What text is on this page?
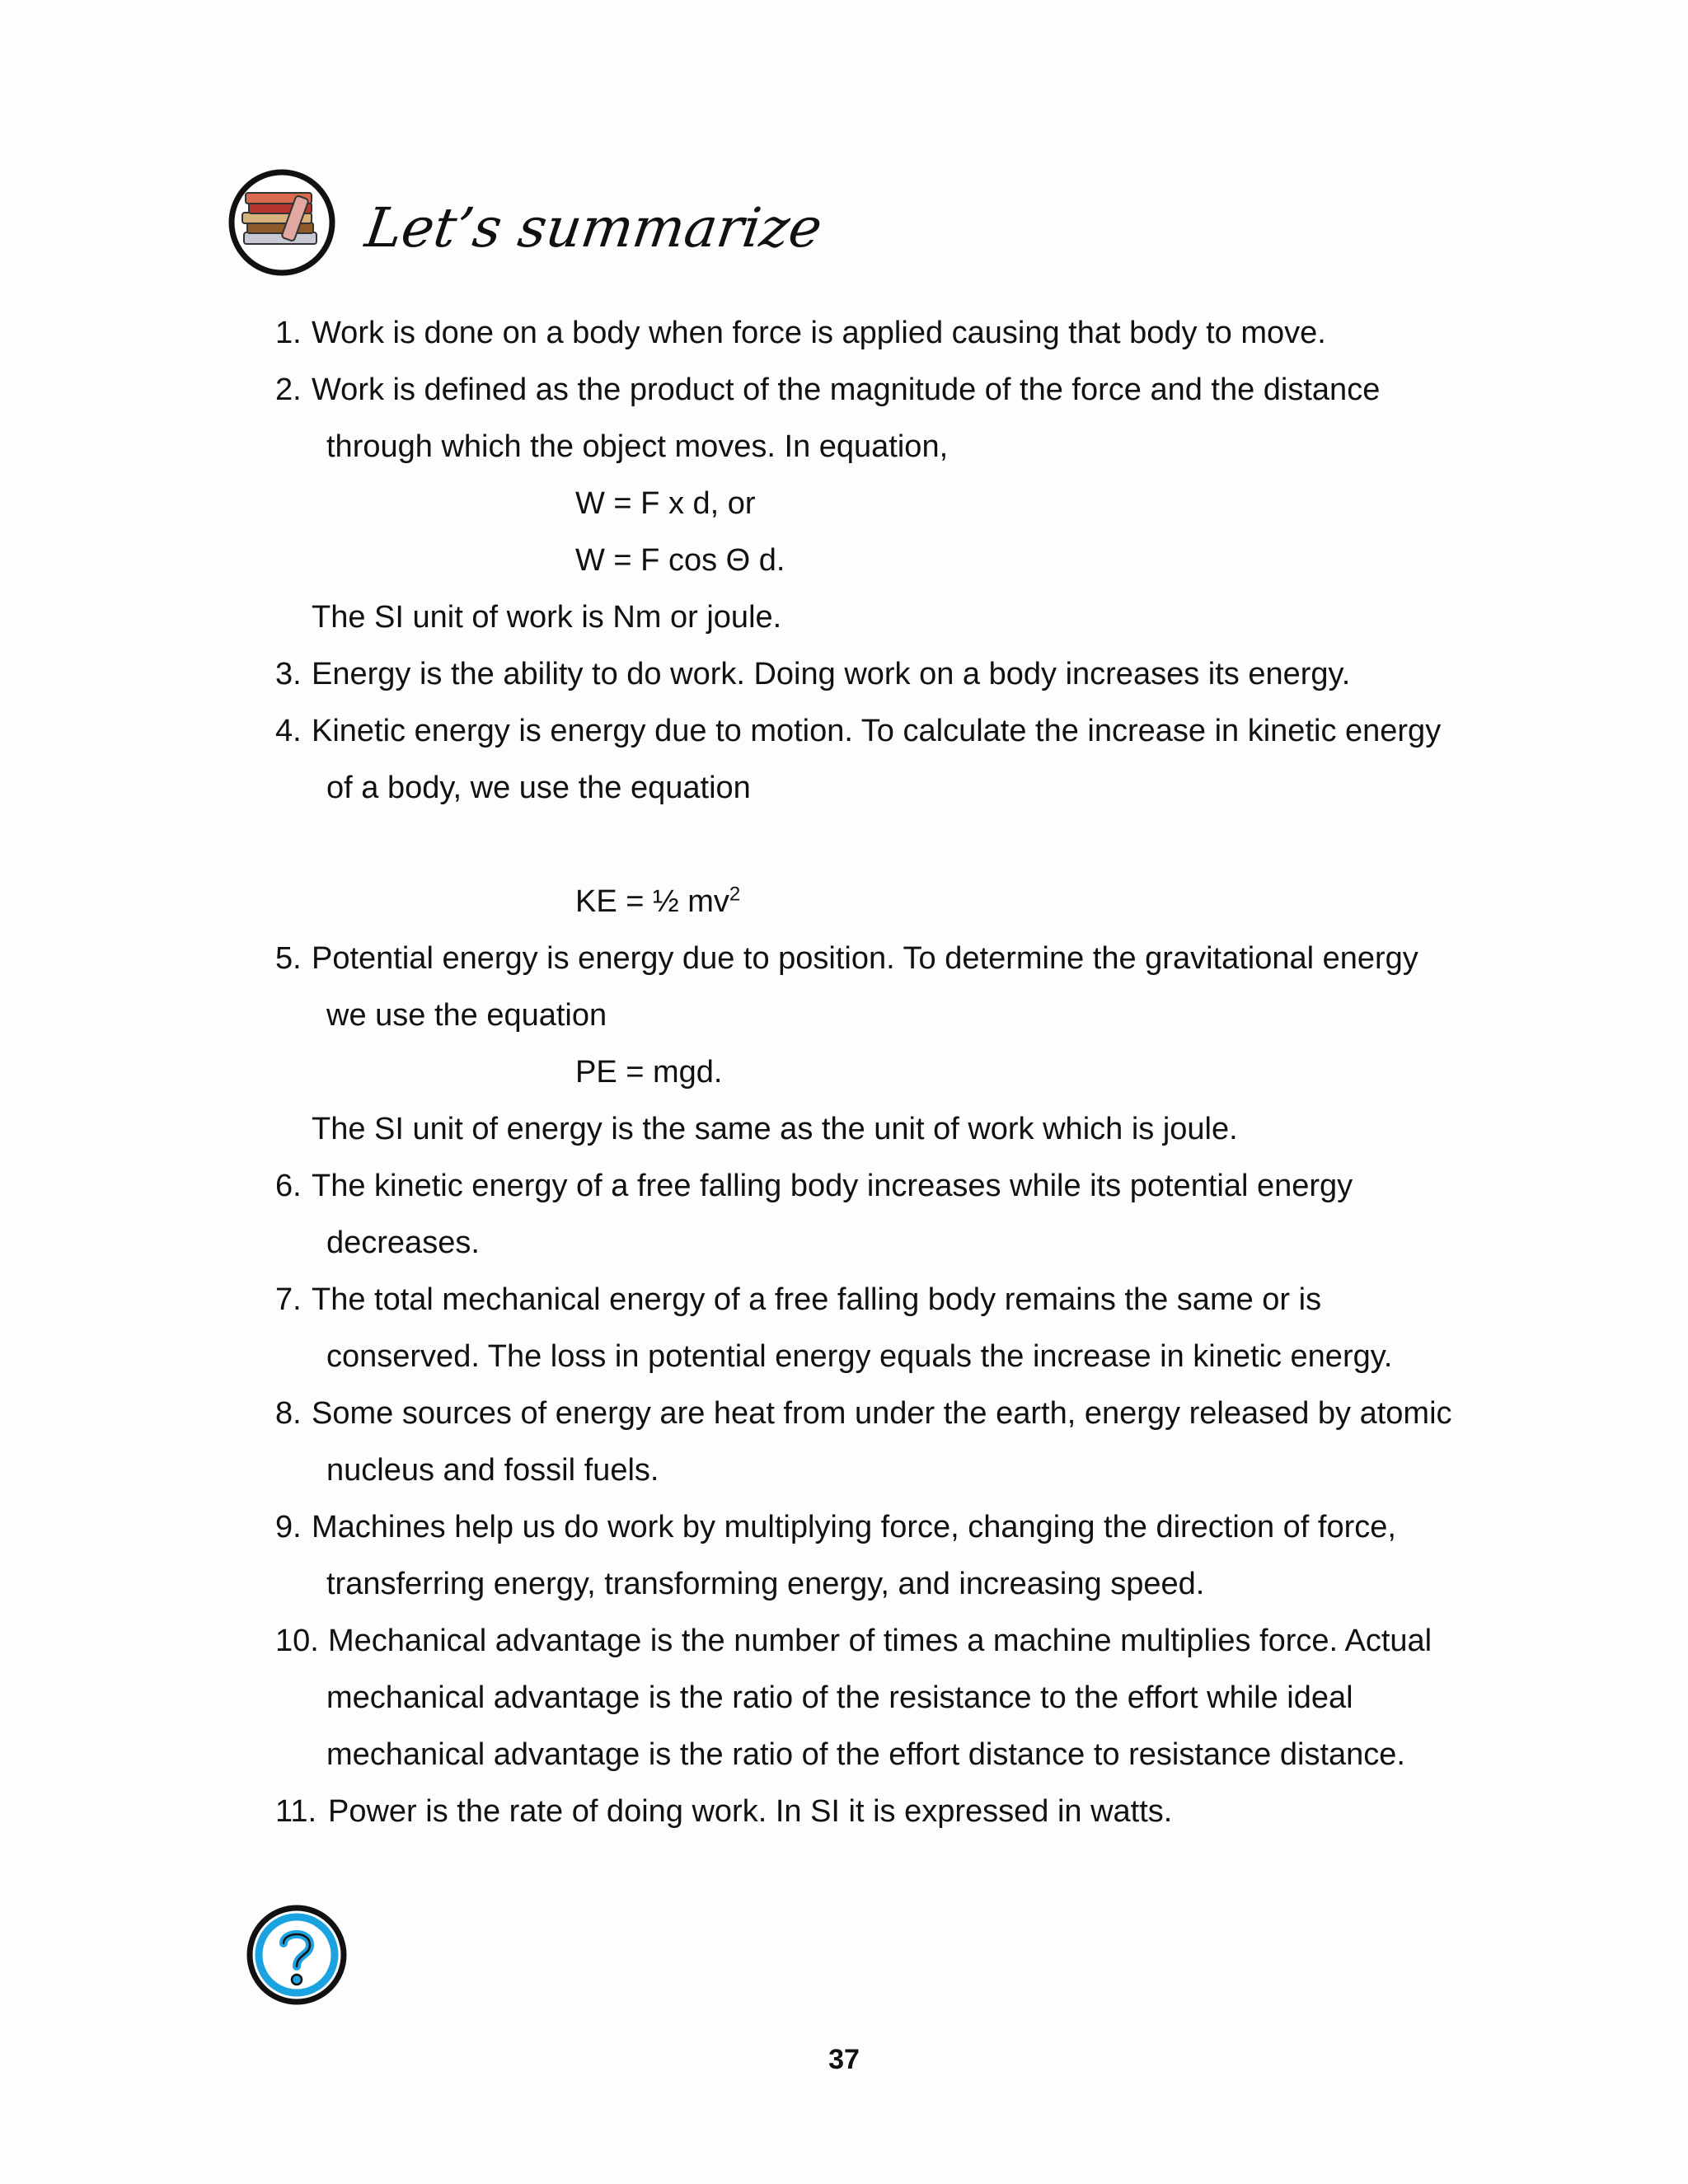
Let’s summarize
1. Work is done on a body when force is applied causing that body to move.
2. Work is defined as the product of the magnitude of the force and the distance
through which the object moves. In equation,
W = F x d, or
W = F cos Θ d.
The SI unit of work is Nm or joule.
3. Energy is the ability to do work. Doing work on a body increases its energy.
4. Kinetic energy is energy due to motion. To calculate the increase in kinetic energy
of a body, we use the equation
KE = ½ $mv^2$
5. Potential energy is energy due to position. To determine the gravitational energy
we use the equation
PE = mgd.
The SI unit of energy is the same as the unit of work which is joule.
6. The kinetic energy of a free falling body increases while its potential energy
decreases.
7. The total mechanical energy of a free falling body remains the same or is
conserved. The loss in potential energy equals the increase in kinetic energy.
8. Some sources of energy are heat from under the earth, energy released by atomic
nucleus and fossil fuels.
9. Machines help us do work by multiplying force, changing the direction of force,
transferring energy, transforming energy, and increasing speed.
10. Mechanical advantage is the number of times a machine multiplies force. Actual
mechanical advantage is the ratio of the resistance to the effort while ideal
mechanical advantage is the ratio of the effort distance to resistance distance.
11. Power is the rate of doing work. In SI it is expressed in watts.
37
